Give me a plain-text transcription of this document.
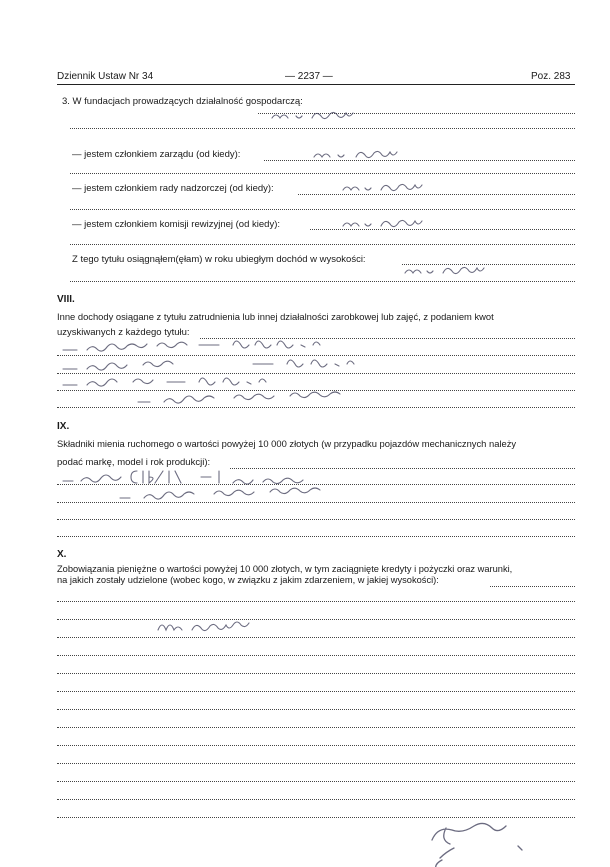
Dziennik Ustaw Nr 34	— 2237 —	Poz. 283
3. W fundacjach prowadzących działalność gospodarczą:
— jestem członkiem zarządu (od kiedy):
— jestem członkiem rady nadzorczej (od kiedy):
— jestem członkiem komisji rewizyjnej (od kiedy):
Z tego tytułu osiągnąłem(ęłam) w roku ubiegłym dochód w wysokości:
VIII.
Inne dochody osiągane z tytułu zatrudnienia lub innej działalności zarobkowej lub zajęć, z podaniem kwot
uzyskiwanych z każdego tytułu:
IX.
Składniki mienia ruchomego o wartości powyżej 10 000 złotych (w przypadku pojazdów mechanicznych należy
podać markę, model i rok produkcji):
X.
Zobowiązania pieniężne o wartości powyżej 10 000 złotych, w tym zaciągnięte kredyty i pożyczki oraz warunki,
na jakich zostały udzielone (wobec kogo, w związku z jakim zdarzeniem, w jakiej wysokości):
